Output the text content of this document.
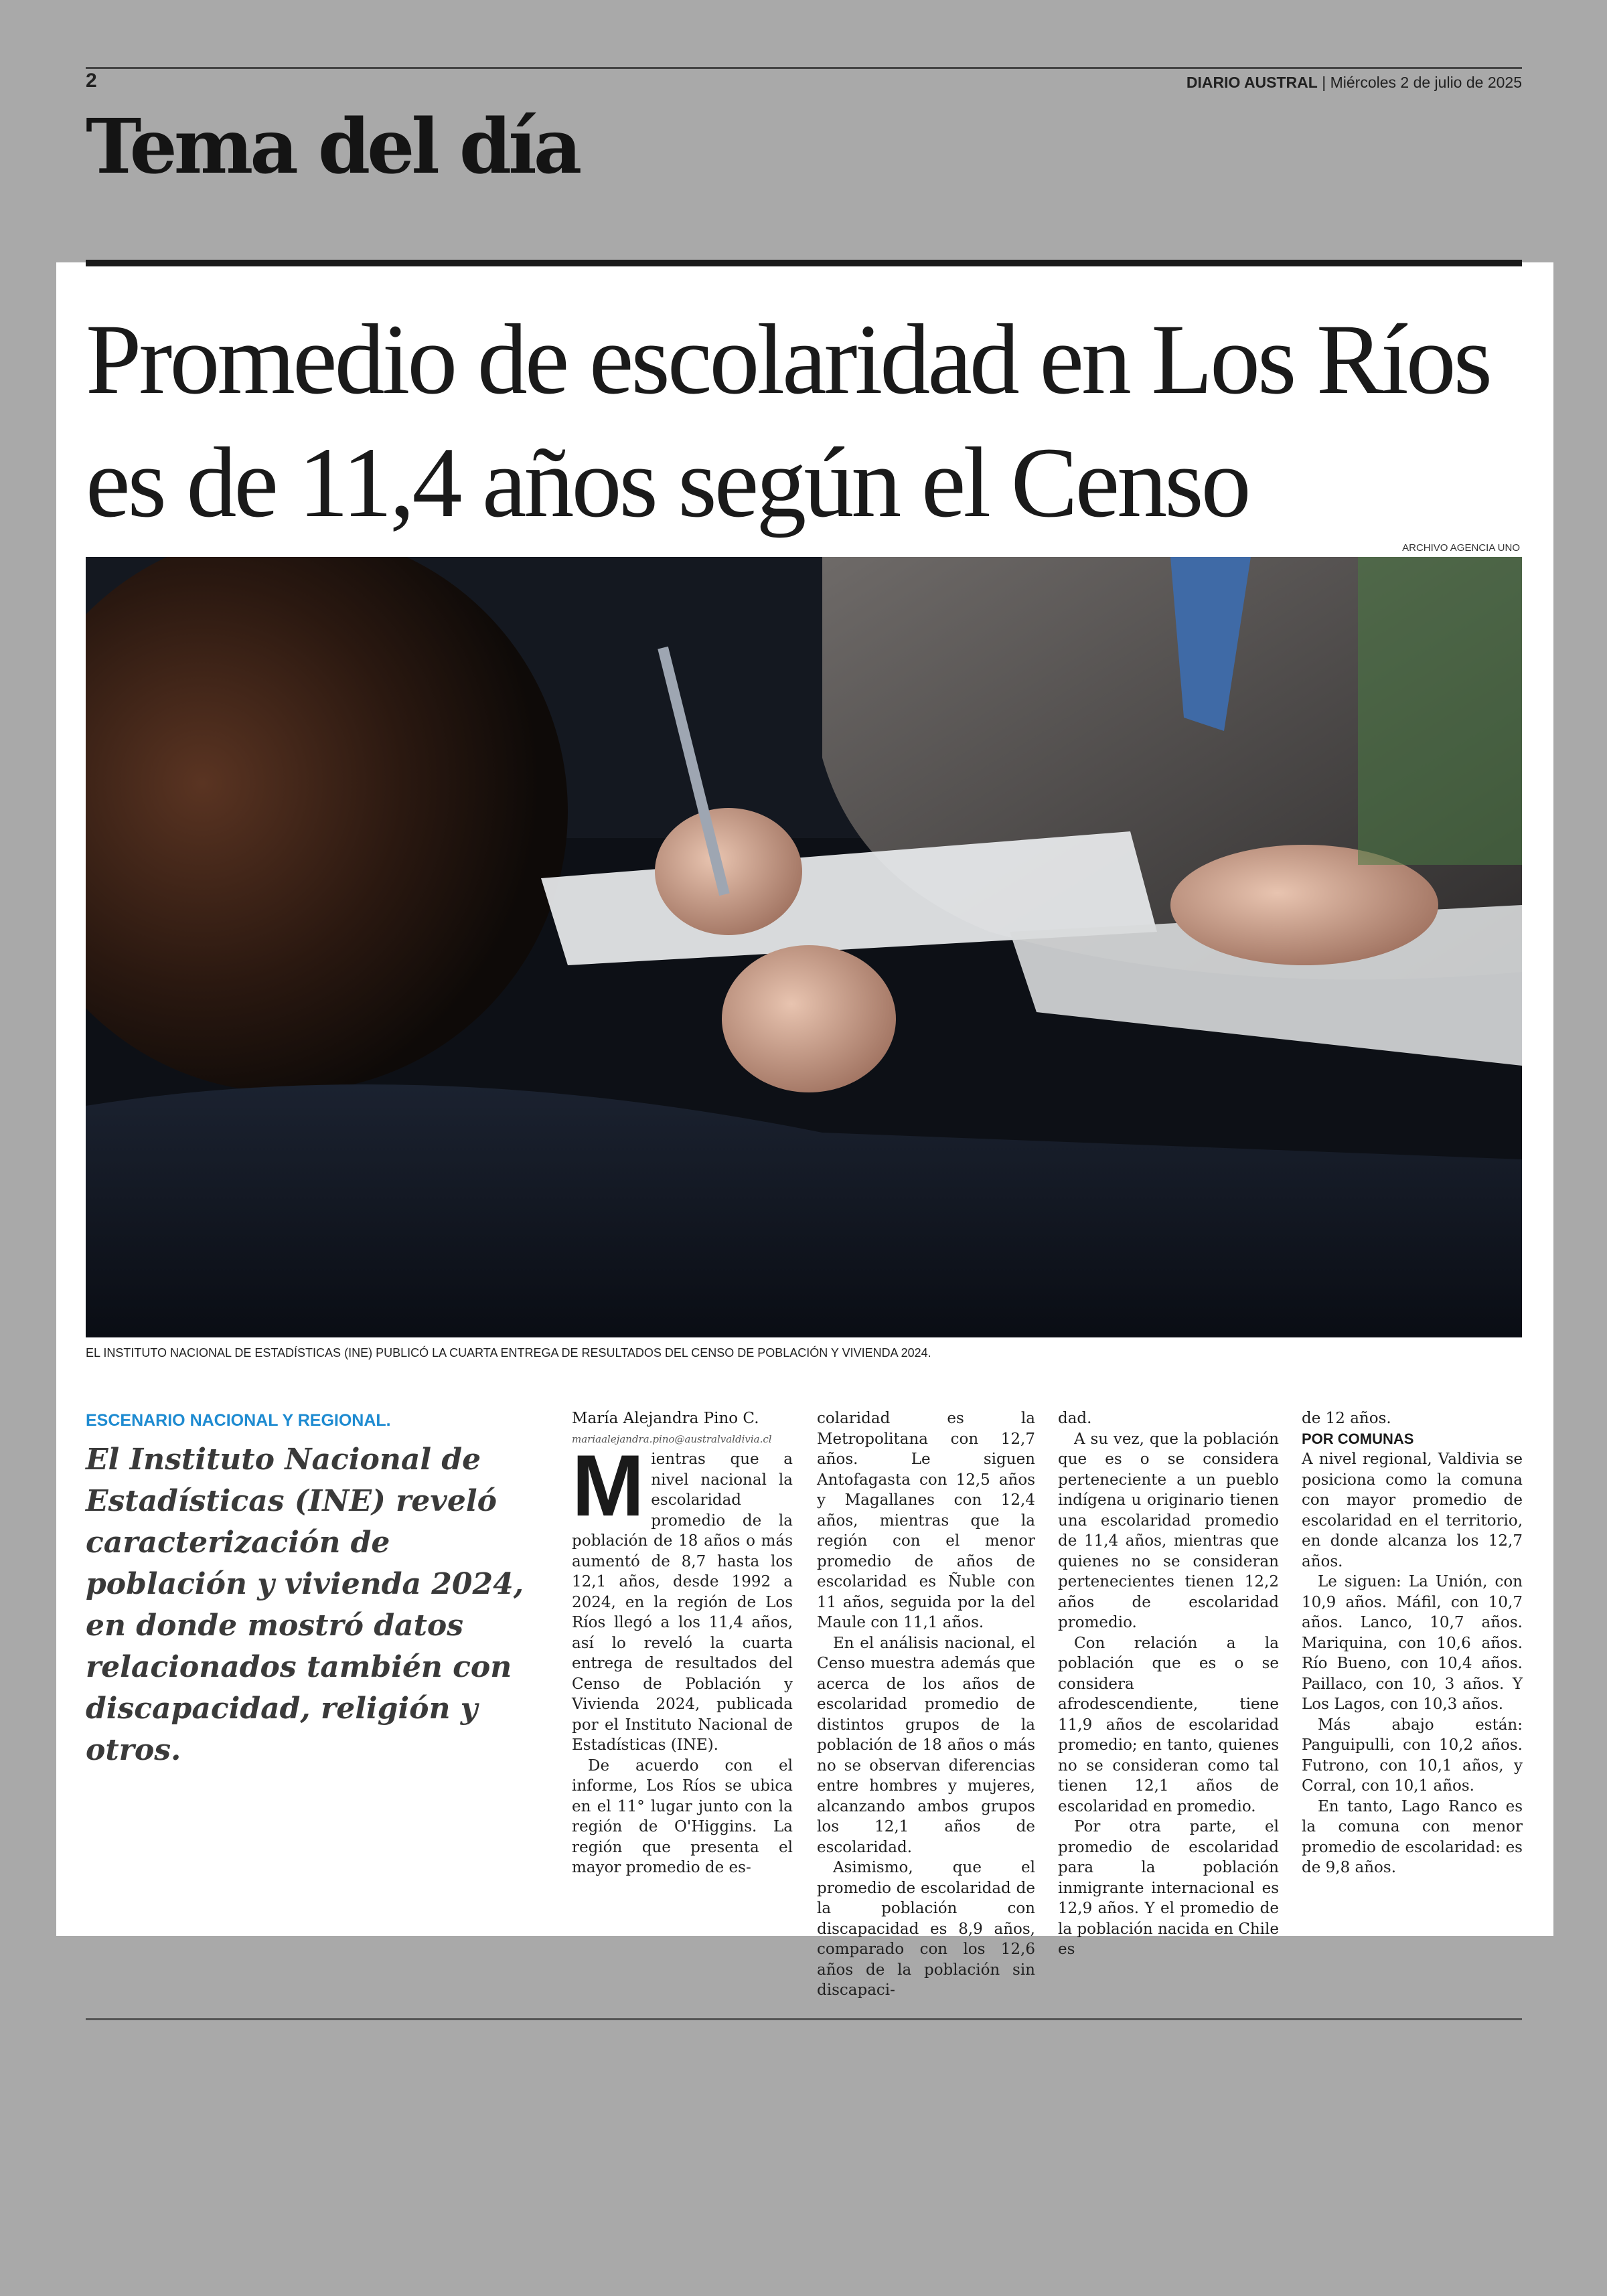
2	DIARIO AUSTRAL | Miércoles 2 de julio de 2025
Tema del día
Promedio de escolaridad en Los Ríos es de 11,4 años según el Censo
ARCHIVO AGENCIA UNO
EL INSTITUTO NACIONAL DE ESTADÍSTICAS (INE) PUBLICÓ LA CUARTA ENTREGA DE RESULTADOS DEL CENSO DE POBLACIÓN Y VIVIENDA 2024.
ESCENARIO NACIONAL Y REGIONAL.

El Instituto Nacional de Estadísticas (INE) reveló caracterización de población y vivienda 2024, en donde mostró datos relacionados también con discapacidad, religión y otros.

María Alejandra Pino C.

mariaalejandra.pino@australvaldivia.cl

Mientras que a nivel nacional la escolaridad promedio de la población de 18 años o más aumentó de 8,7 hasta los 12,1 años, desde 1992 a 2024, en la región de Los Ríos llegó a los 11,4 años, así lo reveló la cuarta entrega de resultados del Censo de Población y Vivienda 2024, publicada por el Instituto Nacional de Estadísticas (INE).

De acuerdo con el informe, Los Ríos se ubica en el 11° lugar junto con la región de O'Higgins. La región que presenta el mayor promedio de es-

colaridad es la Metropolitana con 12,7 años. Le siguen Antofagasta con 12,5 años y Magallanes con 12,4 años, mientras que la región con el menor promedio de años de escolaridad es Ñuble con 11 años, seguida por la del Maule con 11,1 años.

En el análisis nacional, el Censo muestra además que acerca de los años de escolaridad promedio de distintos grupos de la población de 18 años o más no se observan diferencias entre hombres y mujeres, alcanzando ambos grupos los 12,1 años de escolaridad.

Asimismo, que el promedio de escolaridad de la población con discapacidad es 8,9 años, comparado con los 12,6 años de la población sin discapaci-

dad.

A su vez, que la población que es o se considera perteneciente a un pueblo indígena u originario tienen una escolaridad promedio de 11,4 años, mientras que quienes no se consideran pertenecientes tienen 12,2 años de escolaridad promedio.

Con relación a la población que es o se considera afrodescendiente, tiene 11,9 años de escolaridad promedio; en tanto, quienes no se consideran como tal tienen 12,1 años de escolaridad en promedio.

Por otra parte, el promedio de escolaridad para la población inmigrante internacional es 12,9 años. Y el promedio de la población nacida en Chile es

de 12 años.

POR COMUNAS

A nivel regional, Valdivia se posiciona como la comuna con mayor promedio de escolaridad en el territorio, en donde alcanza los 12,7 años.

Le siguen: La Unión, con 10,9 años. Máfil, con 10,7 años. Lanco, 10,7 años. Mariquina, con 10,6 años. Río Bueno, con 10,4 años. Paillaco, con 10, 3 años. Y Los Lagos, con 10,3 años.

Más abajo están: Panguipulli, con 10,2 años. Futrono, con 10,1 años, y Corral, con 10,1 años.

En tanto, Lago Ranco es la comuna con menor promedio de escolaridad: es de 9,8 años.
